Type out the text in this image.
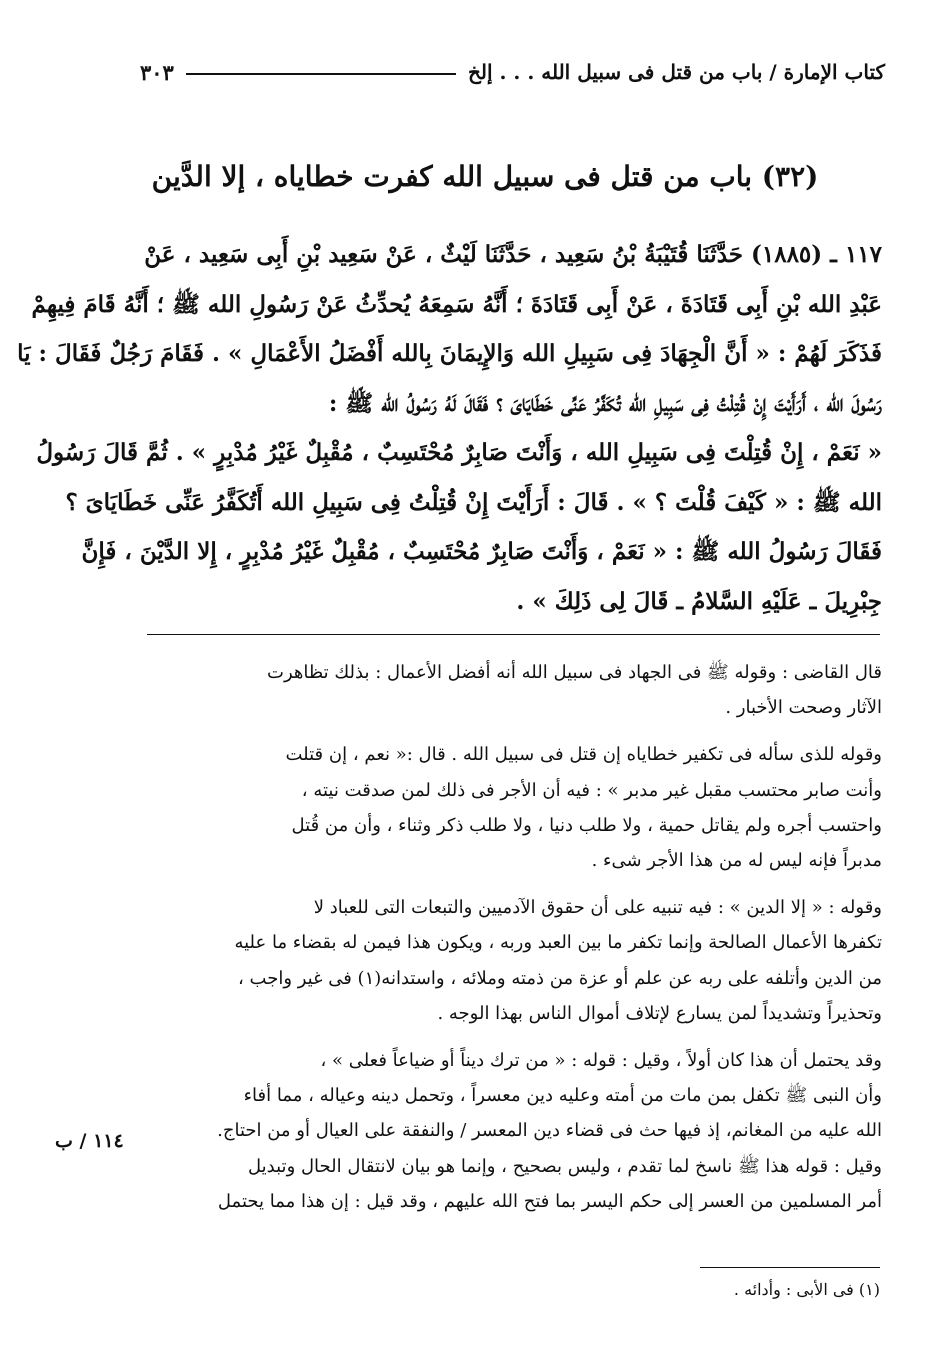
كتاب الإمارة / باب من قتل فى سبيل الله . . . إلخ
٣٠٣
(٣٢) باب من قتل فى سبيل الله كفرت خطاياه ، إلا الدَّين
١١٧ ـ (١٨٨٥) حَدَّثَنَا قُتَيْبَةُ بْنُ سَعِيد ، حَدَّثَنَا لَيْثٌ ، عَنْ سَعِيد بْنِ أَبِى سَعِيد ، عَنْ
عَبْدِ الله بْنِ أَبِى قَتَادَةَ ، عَنْ أَبِى قَتَادَةَ ؛ أَنَّهُ سَمِعَهُ يُحدِّثُ عَنْ رَسُولِ الله ﷺ ؛ أَنَّهُ قَامَ فِيهِمْ
فَذَكَرَ لَهُمْ : « أَنَّ الْجِهَادَ فِى سَبِيلِ الله وَالإِيمَانَ بِالله أَفْضَلُ الأَعْمَالِ » . فَقَامَ رَجُلٌ فَقَالَ : يَا
رَسُولَ الله ، أَرَأَيْتَ إِنْ قُتِلْتُ فِى سَبِيلِ الله تُكَفَّرُ عَنِّى خَطَايَاىَ ؟ فَقَالَ لَهُ رَسُولُ الله ﷺ :
« نَعَمْ ، إِنْ قُتِلْتَ فِى سَبِيلِ الله ، وَأَنْتَ صَابِرٌ مُحْتَسِبٌ ، مُقْبِلٌ غَيْرُ مُدْبِرٍ » . ثُمَّ قَالَ رَسُولُ
الله ﷺ : « كَيْفَ قُلْتَ ؟ » . قَالَ : أَرَأَيْتَ إِنْ قُتِلْتُ فِى سَبِيلِ الله أَتُكَفَّرُ عَنِّى خَطَايَاىَ ؟
فَقَالَ رَسُولُ الله ﷺ : « نَعَمْ ، وَأَنْتَ صَابِرٌ مُحْتَسِبٌ ، مُقْبِلٌ غَيْرُ مُدْبِرٍ ، إِلا الدَّيْنَ ، فَإِنَّ
جِبْرِيلَ ـ عَلَيْهِ السَّلامُ ـ قَالَ لِى ذَلِكَ » .

قال القاضى : وقوله ﷺ فى الجهاد فى سبيل الله أنه أفضل الأعمال : بذلك تظاهرت
الآثار وصحت الأخبار .

وقوله للذى سأله فى تكفير خطاياه إن قتل فى سبيل الله . قال :« نعم ، إن قتلت
وأنت صابر محتسب مقبل غير مدبر » : فيه أن الأجر فى ذلك لمن صدقت نيته ،
واحتسب أجره ولم يقاتل حمية ، ولا طلب دنيا ، ولا طلب ذكر وثناء ، وأن من قُتل
مدبراً فإنه ليس له من هذا الأجر شىء .

وقوله : « إلا الدين » : فيه تنبيه على أن حقوق الآدميين والتبعات التى للعباد لا
تكفرها الأعمال الصالحة وإنما تكفر ما بين العبد وربه ، ويكون هذا فيمن له بقضاء ما عليه
من الدين وأتلفه على ربه عن علم أو عزة من ذمته وملائه ، واستدانه(١) فى غير واجب ،
وتحذيراً وتشديداً لمن يسارع لإتلاف أموال الناس بهذا الوجه .

وقد يحتمل أن هذا كان أولاً ، وقيل : قوله : « من ترك ديناً أو ضياعاً فعلى » ،
وأن النبى ﷺ تكفل بمن مات من أمته وعليه دين معسراً ، وتحمل دينه وعياله ، مما أفاء
الله عليه من المغانم، إذ فيها حث فى قضاء دين المعسر / والنفقة على العيال أو من احتاج.
وقيل : قوله هذا ﷺ ناسخ لما تقدم ، وليس بصحيح ، وإنما هو بيان لانتقال الحال وتبديل
أمر المسلمين من العسر إلى حكم اليسر بما فتح الله عليهم ، وقد قيل : إن هذا مما يحتمل

١١٤ / ب
(١) فى الأبى : وأدائه .
